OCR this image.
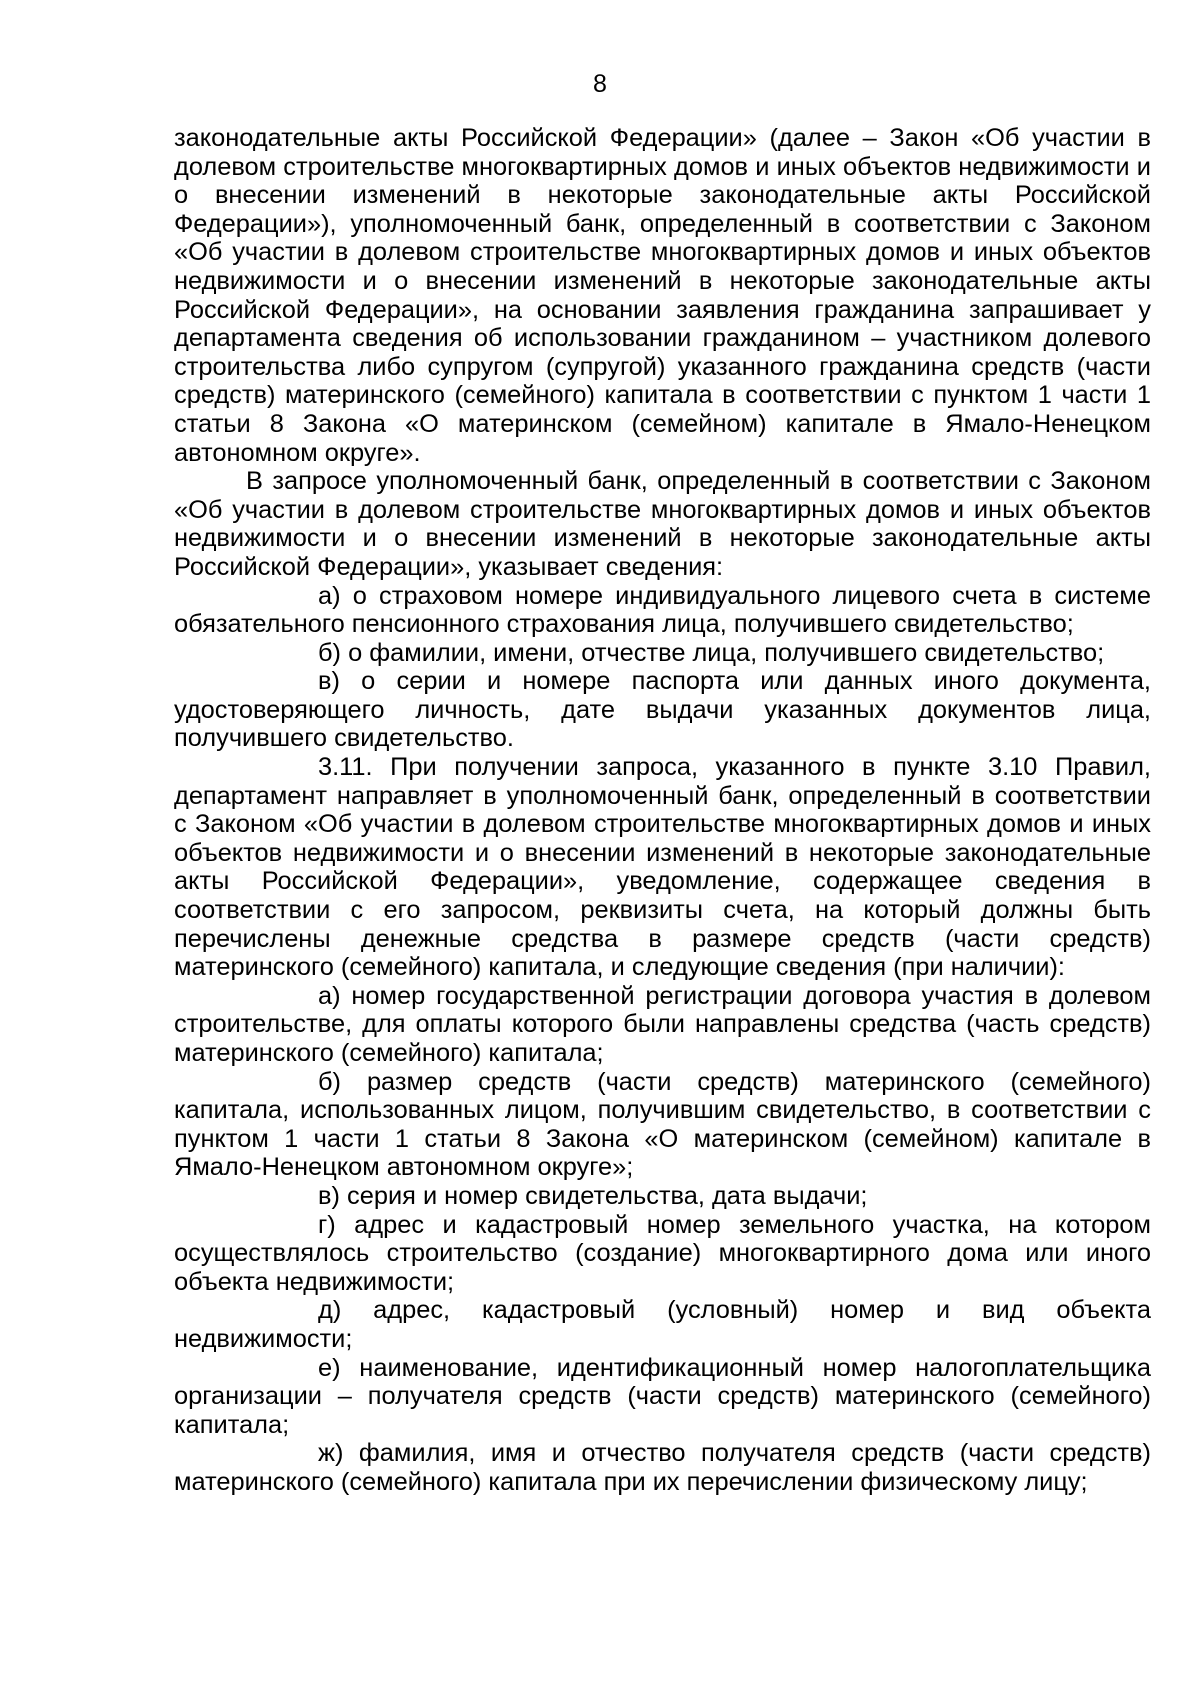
8

законодательные акты Российской Федерации» (далее – Закон «Об участии в долевом строительстве многоквартирных домов и иных объектов недвижимости и о внесении изменений в некоторые законодательные акты Российской Федерации»), уполномоченный банк, определенный в соответствии с Законом «Об участии в долевом строительстве многоквартирных домов и иных объектов недвижимости и о внесении изменений в некоторые законодательные акты Российской Федерации», на основании заявления гражданина запрашивает у департамента сведения об использовании гражданином – участником долевого строительства либо супругом (супругой) указанного гражданина средств (части средств) материнского (семейного) капитала в соответствии с пунктом 1 части 1 статьи 8 Закона «О материнском (семейном) капитале в Ямало-Ненецком автономном округе».

В запросе уполномоченный банк, определенный в соответствии с Законом «Об участии в долевом строительстве многоквартирных домов и иных объектов недвижимости и о внесении изменений в некоторые законодательные акты Российской Федерации», указывает сведения:

а) о страховом номере индивидуального лицевого счета в системе обязательного пенсионного страхования лица, получившего свидетельство;

б) о фамилии, имени, отчестве лица, получившего свидетельство;

в) о серии и номере паспорта или данных иного документа, удостоверяющего личность, дате выдачи указанных документов лица, получившего свидетельство.

3.11. При получении запроса, указанного в пункте 3.10 Правил, департамент направляет в уполномоченный банк, определенный в соответствии с Законом «Об участии в долевом строительстве многоквартирных домов и иных объектов недвижимости и о внесении изменений в некоторые законодательные акты Российской Федерации», уведомление, содержащее сведения в соответствии с его запросом, реквизиты счета, на который должны быть перечислены денежные средства в размере средств (части средств) материнского (семейного) капитала, и следующие сведения (при наличии):

а) номер государственной регистрации договора участия в долевом строительстве, для оплаты которого были направлены средства (часть средств) материнского (семейного) капитала;

б) размер средств (части средств) материнского (семейного) капитала, использованных лицом, получившим свидетельство, в соответствии с пунктом 1 части 1 статьи 8 Закона «О материнском (семейном) капитале в Ямало-Ненецком автономном округе»;

в) серия и номер свидетельства, дата выдачи;

г) адрес и кадастровый номер земельного участка, на котором осуществлялось строительство (создание) многоквартирного дома или иного объекта недвижимости;

д) адрес, кадастровый (условный) номер и вид объекта недвижимости;

е) наименование, идентификационный номер налогоплательщика организации – получателя средств (части средств) материнского (семейного) капитала;

ж) фамилия, имя и отчество получателя средств (части средств) материнского (семейного) капитала при их перечислении физическому лицу;
